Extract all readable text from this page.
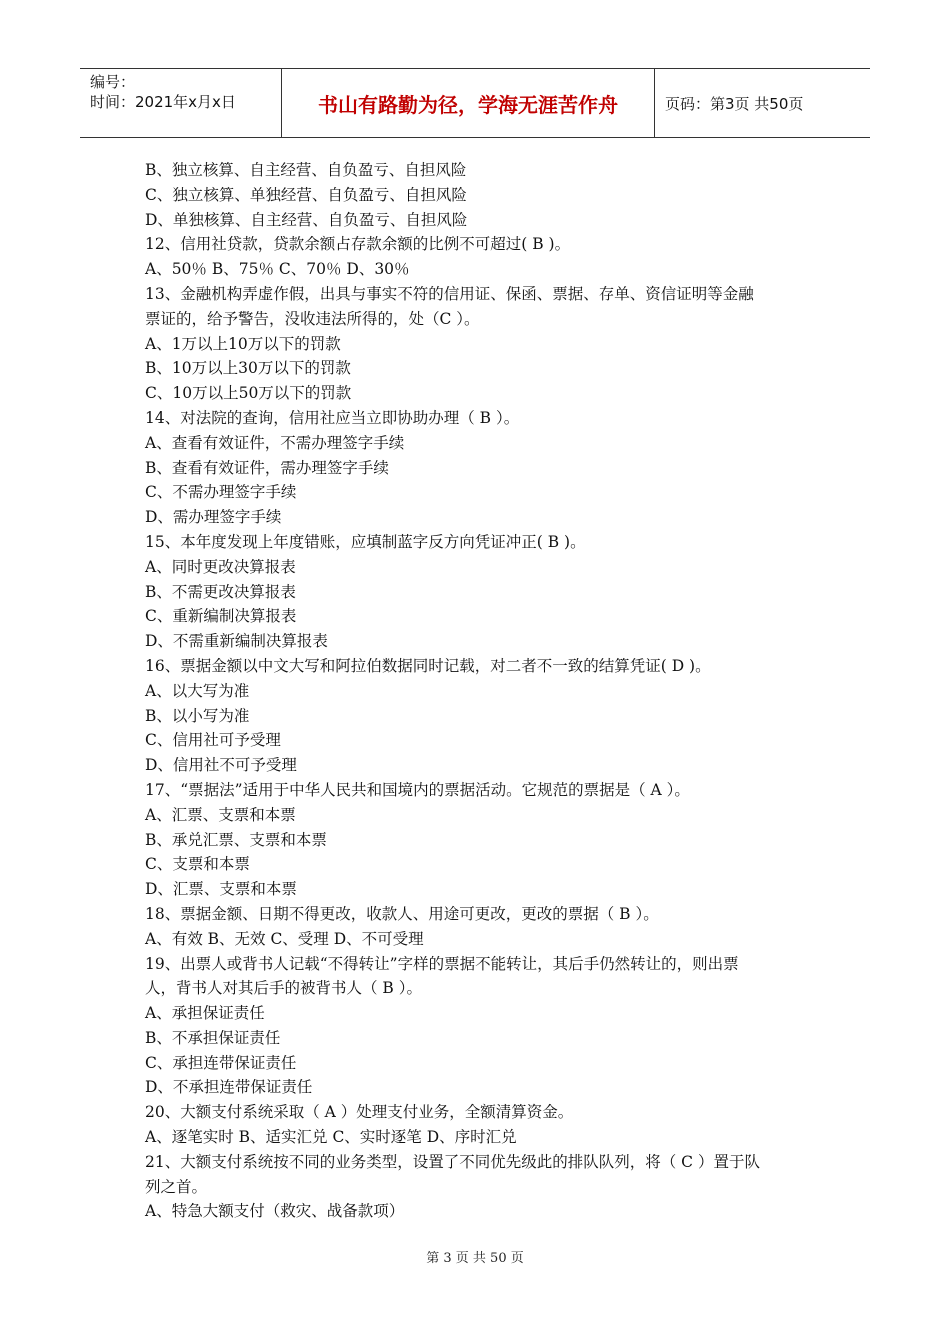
编号：
时间：2021年x月x日	书山有路勤为径，学海无涯苦作舟	页码：第3页 共50页
B、独立核算、自主经营、自负盈亏、自担风险
C、独立核算、单独经营、自负盈亏、自担风险
D、单独核算、自主经营、自负盈亏、自担风险
12、信用社贷款，贷款余额占存款余额的比例不可超过( B )。
A、50％ B、75％ C、70％ D、30％
13、金融机构弄虚作假，出具与事实不符的信用证、保函、票据、存单、资信证明等金融
票证的，给予警告，没收违法所得的，处（C ）。
A、1万以上10万以下的罚款
B、10万以上30万以下的罚款
C、10万以上50万以下的罚款
14、对法院的查询，信用社应当立即协助办理（ B ）。
A、查看有效证件，不需办理签字手续
B、查看有效证件，需办理签字手续
C、不需办理签字手续
D、需办理签字手续
15、本年度发现上年度错账，应填制蓝字反方向凭证冲正( B )。
A、同时更改决算报表
B、不需更改决算报表
C、重新编制决算报表
D、不需重新编制决算报表
16、票据金额以中文大写和阿拉伯数据同时记载，对二者不一致的结算凭证( D )。
A、以大写为准
B、以小写为准
C、信用社可予受理
D、信用社不可予受理
17、“票据法”适用于中华人民共和国境内的票据活动。它规范的票据是（ A ）。
A、汇票、支票和本票
B、承兑汇票、支票和本票
C、支票和本票
D、汇票、支票和本票
18、票据金额、日期不得更改，收款人、用途可更改，更改的票据（ B ）。
A、有效 B、无效 C、受理 D、不可受理
19、出票人或背书人记载“不得转让”字样的票据不能转让，其后手仍然转让的，则出票
人，背书人对其后手的被背书人（ B ）。
A、承担保证责任
B、不承担保证责任
C、承担连带保证责任
D、不承担连带保证责任
20、大额支付系统采取（ A ）处理支付业务，全额清算资金。
A、逐笔实时 B、适实汇兑 C、实时逐笔 D、序时汇兑
21、大额支付系统按不同的业务类型，设置了不同优先级此的排队队列，将（ C ）置于队
列之首。
A、特急大额支付（救灾、战备款项）
第 3 页 共 50 页
